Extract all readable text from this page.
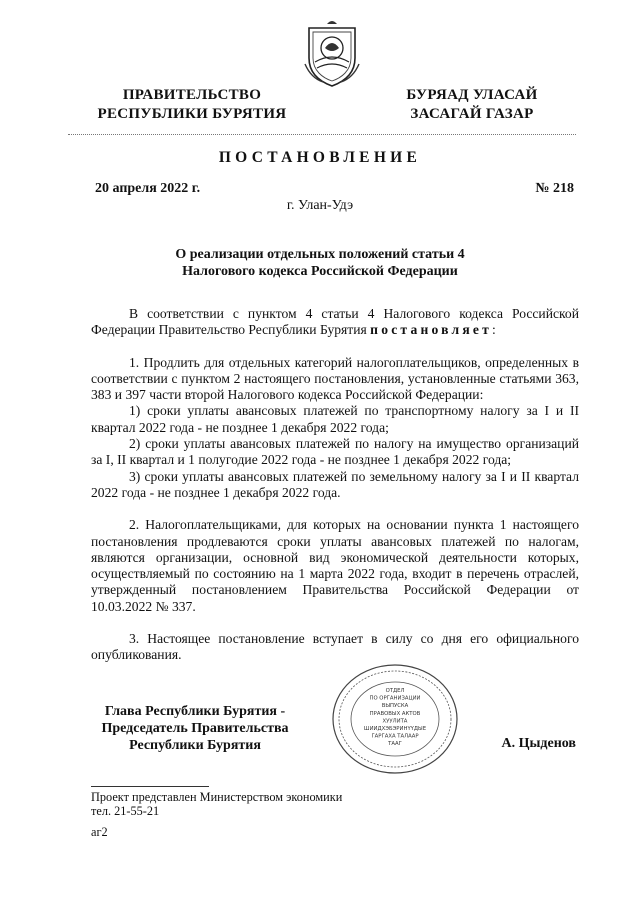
ПРАВИТЕЛЬСТВО
РЕСПУБЛИКИ БУРЯТИЯ
БУРЯАД УЛАСАЙ
ЗАСАГАЙ ГАЗАР
ПОСТАНОВЛЕНИЕ
20 апреля 2022 г.	№ 218
г. Улан-Удэ
О реализации отдельных положений статьи 4
Налогового кодекса Российской Федерации

В соответствии с пунктом 4 статьи 4 Налогового кодекса Российской Федерации Правительство Республики Бурятия постановляет:

1. Продлить для отдельных категорий налогоплательщиков, определенных в соответствии с пунктом 2 настоящего постановления, установленные статьями 363, 383 и 397 части второй Налогового кодекса Российской Федерации:

1) сроки уплаты авансовых платежей по транспортному налогу за I и II квартал 2022 года - не позднее 1 декабря 2022 года;

2) сроки уплаты авансовых платежей по налогу на имущество организаций за I, II квартал и 1 полугодие 2022 года - не позднее 1 декабря 2022 года;

3) сроки уплаты авансовых платежей по земельному налогу за I и II квартал 2022 года - не позднее 1 декабря 2022 года.

2. Налогоплательщиками, для которых на основании пункта 1 настоящего постановления продлеваются сроки уплаты авансовых платежей по налогам, являются организации, основной вид экономической деятельности которых, осуществляемый по состоянию на 1 марта 2022 года, входит в перечень отраслей, утвержденный постановлением Правительства Российской Федерации от 10.03.2022 № 337.

3. Настоящее постановление вступает в силу со дня его официального опубликования.

Глава Республики Бурятия -
Председатель Правительства
Республики Бурятия	А. Цыденов
ОТДЕЛ
ПО ОРГАНИЗАЦИИ
ВЫПУСКА
ПРАВОВЫХ АКТОВ
ХУУЛИТА
ШИИДХЭБЭРИНҮҮДЫЕ
ГАРГАХА ТАЛААР
ТААГ
Проект представлен Министерством экономики
тел. 21-55-21
аг2
